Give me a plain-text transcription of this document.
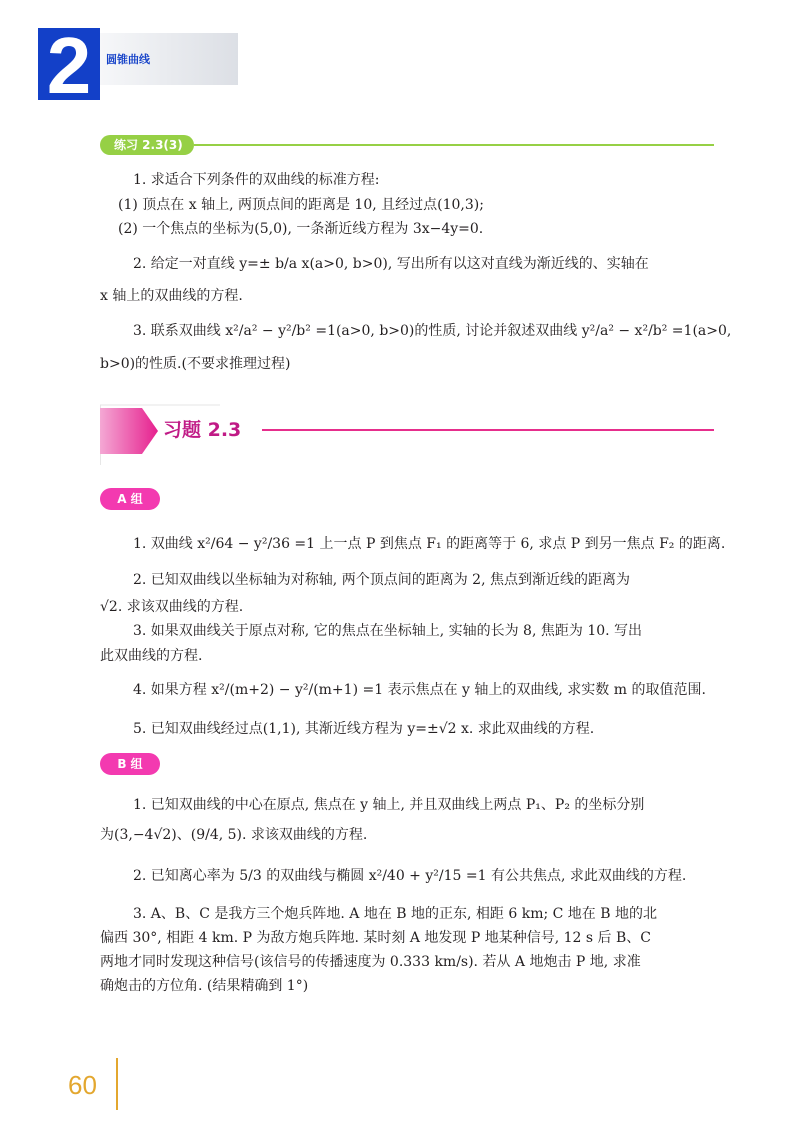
2	圆锥曲线
练习 2.3(3)
1. 求适合下列条件的双曲线的标准方程:
(1) 顶点在 x 轴上, 两顶点间的距离是 10, 且经过点(10,3);
(2) 一个焦点的坐标为(5,0), 一条渐近线方程为 3x−4y=0.
2. 给定一对直线 y=± b/a x(a>0, b>0), 写出所有以这对直线为渐近线的、实轴在
x 轴上的双曲线的方程.
3. 联系双曲线 x²/a² − y²/b² =1(a>0, b>0)的性质, 讨论并叙述双曲线 y²/a² − x²/b² =1(a>0,
b>0)的性质.(不要求推理过程)
习题 2.3
A 组
1. 双曲线 x²/64 − y²/36 =1 上一点 P 到焦点 F₁ 的距离等于 6, 求点 P 到另一焦点 F₂ 的距离.
2. 已知双曲线以坐标轴为对称轴, 两个顶点间的距离为 2, 焦点到渐近线的距离为
√2. 求该双曲线的方程.
3. 如果双曲线关于原点对称, 它的焦点在坐标轴上, 实轴的长为 8, 焦距为 10. 写出
此双曲线的方程.
4. 如果方程 x²/(m+2) − y²/(m+1) =1 表示焦点在 y 轴上的双曲线, 求实数 m 的取值范围.
5. 已知双曲线经过点(1,1), 其渐近线方程为 y=±√2 x. 求此双曲线的方程.
B 组
1. 已知双曲线的中心在原点, 焦点在 y 轴上, 并且双曲线上两点 P₁、P₂ 的坐标分别
为(3,−4√2)、(9/4, 5). 求该双曲线的方程.
2. 已知离心率为 5/3 的双曲线与椭圆 x²/40 + y²/15 =1 有公共焦点, 求此双曲线的方程.
3. A、B、C 是我方三个炮兵阵地. A 地在 B 地的正东, 相距 6 km; C 地在 B 地的北
偏西 30°, 相距 4 km. P 为敌方炮兵阵地. 某时刻 A 地发现 P 地某种信号, 12 s 后 B、C
两地才同时发现这种信号(该信号的传播速度为 0.333 km/s). 若从 A 地炮击 P 地, 求准
确炮击的方位角. (结果精确到 1°)
60
